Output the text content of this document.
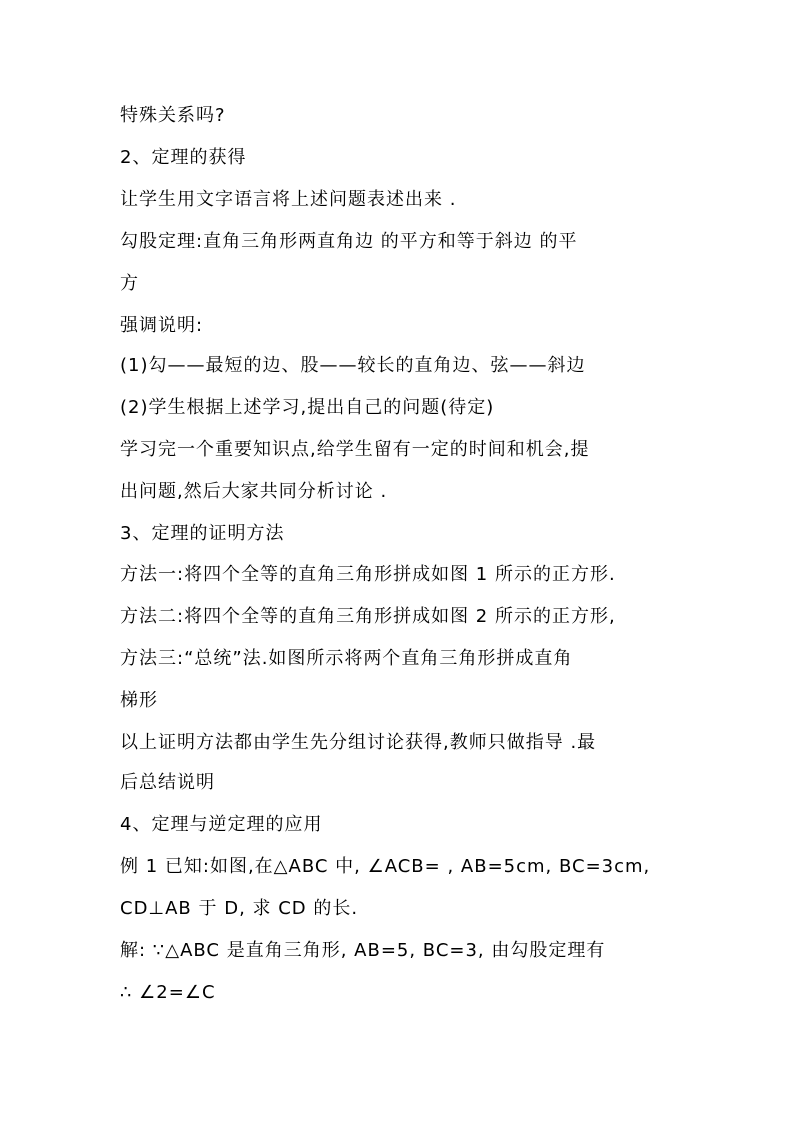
特殊关系吗?
2、定理的获得
让学生用文字语言将上述问题表述出来 .
勾股定理:直角三角形两直角边 的平方和等于斜边 的平
方
强调说明:
(1)勾——最短的边、股——较长的直角边、弦——斜边
(2)学生根据上述学习,提出自己的问题(待定)
学习完一个重要知识点,给学生留有一定的时间和机会,提
出问题,然后大家共同分析讨论 .
3、定理的证明方法
方法一:将四个全等的直角三角形拼成如图 1 所示的正方形.
方法二:将四个全等的直角三角形拼成如图 2 所示的正方形,
方法三:“总统”法.如图所示将两个直角三角形拼成直角
梯形
以上证明方法都由学生先分组讨论获得,教师只做指导 .最
后总结说明
4、定理与逆定理的应用
例 1 已知:如图,在△ABC 中, ∠ACB= , AB=5cm, BC=3cm,
CD⊥AB 于 D, 求 CD 的长.
解: ∵△ABC 是直角三角形, AB=5, BC=3, 由勾股定理有
∴ ∠2=∠C
